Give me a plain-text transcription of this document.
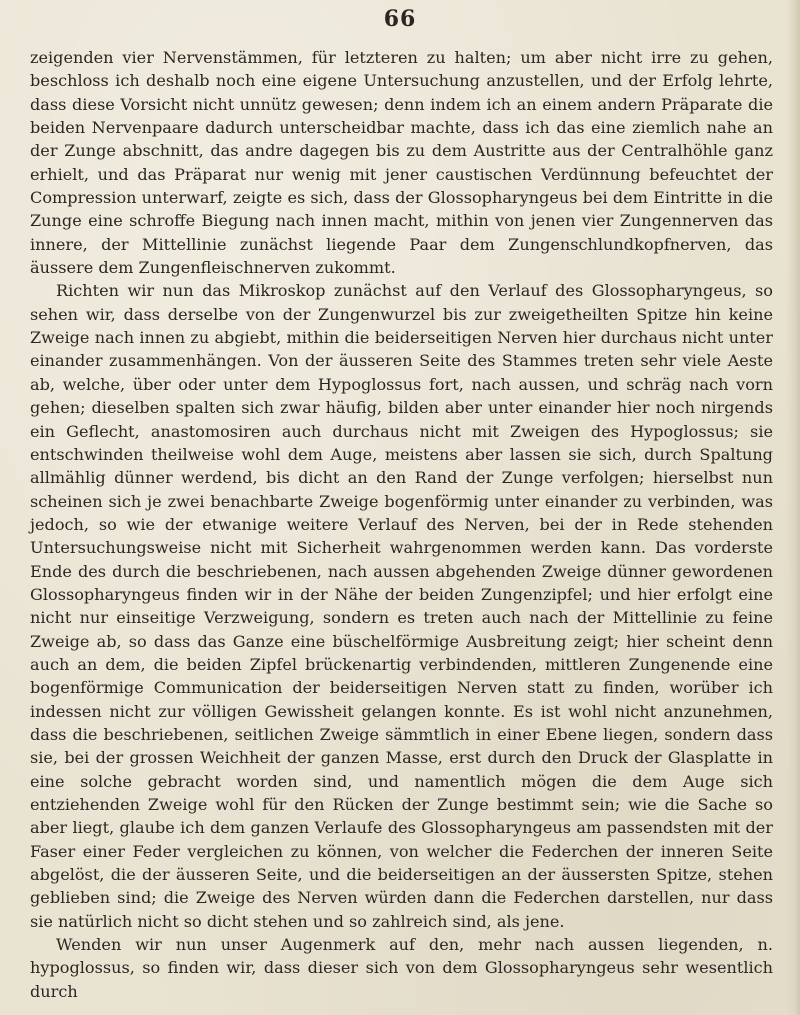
66

zeigenden vier Nervenstämmen, für letzteren zu halten; um aber nicht irre zu gehen, beschloss ich deshalb noch eine eigene Untersuchung anzustellen, und der Erfolg lehrte, dass diese Vorsicht nicht unnütz gewesen; denn indem ich an einem andern Präparate die beiden Nervenpaare dadurch unterscheidbar machte, dass ich das eine ziemlich nahe an der Zunge abschnitt, das andre dagegen bis zu dem Austritte aus der Centralhöhle ganz erhielt, und das Präparat nur wenig mit jener caustischen Verdünnung befeuchtet der Compression unterwarf, zeigte es sich, dass der Glossopharyngeus bei dem Eintritte in die Zunge eine schroffe Biegung nach innen macht, mithin von jenen vier Zungennerven das innere, der Mittellinie zunächst liegende Paar dem Zungenschlundkopfnerven, das äussere dem Zungenfleischnerven zukommt.

Richten wir nun das Mikroskop zunächst auf den Verlauf des Glossopharyngeus, so sehen wir, dass derselbe von der Zungenwurzel bis zur zweigetheilten Spitze hin keine Zweige nach innen zu abgiebt, mithin die beiderseitigen Nerven hier durchaus nicht unter einander zusammenhängen. Von der äusseren Seite des Stammes treten sehr viele Aeste ab, welche, über oder unter dem Hypoglossus fort, nach aussen, und schräg nach vorn gehen; dieselben spalten sich zwar häufig, bilden aber unter einander hier noch nirgends ein Geflecht, anastomosiren auch durchaus nicht mit Zweigen des Hypoglossus; sie entschwinden theilweise wohl dem Auge, meistens aber lassen sie sich, durch Spaltung allmählig dünner werdend, bis dicht an den Rand der Zunge verfolgen; hierselbst nun scheinen sich je zwei benachbarte Zweige bogenförmig unter einander zu verbinden, was jedoch, so wie der etwanige weitere Verlauf des Nerven, bei der in Rede stehenden Untersuchungsweise nicht mit Sicherheit wahrgenommen werden kann. Das vorderste Ende des durch die beschriebenen, nach aussen abgehenden Zweige dünner gewordenen Glossopharyngeus finden wir in der Nähe der beiden Zungenzipfel; und hier erfolgt eine nicht nur einseitige Verzweigung, sondern es treten auch nach der Mittellinie zu feine Zweige ab, so dass das Ganze eine büschelförmige Ausbreitung zeigt; hier scheint denn auch an dem, die beiden Zipfel brückenartig verbindenden, mittleren Zungenende eine bogenförmige Communication der beiderseitigen Nerven statt zu finden, worüber ich indessen nicht zur völligen Gewissheit gelangen konnte. Es ist wohl nicht anzunehmen, dass die beschriebenen, seitlichen Zweige sämmtlich in einer Ebene liegen, sondern dass sie, bei der grossen Weichheit der ganzen Masse, erst durch den Druck der Glasplatte in eine solche gebracht worden sind, und namentlich mögen die dem Auge sich entziehenden Zweige wohl für den Rücken der Zunge bestimmt sein; wie die Sache so aber liegt, glaube ich dem ganzen Verlaufe des Glossopharyngeus am passendsten mit der Faser einer Feder vergleichen zu können, von welcher die Federchen der inneren Seite abgelöst, die der äusseren Seite, und die beiderseitigen an der äussersten Spitze, stehen geblieben sind; die Zweige des Nerven würden dann die Federchen darstellen, nur dass sie natürlich nicht so dicht stehen und so zahlreich sind, als jene.

Wenden wir nun unser Augenmerk auf den, mehr nach aussen liegenden, n. hypoglossus, so finden wir, dass dieser sich von dem Glossopharyngeus sehr wesentlich durch
